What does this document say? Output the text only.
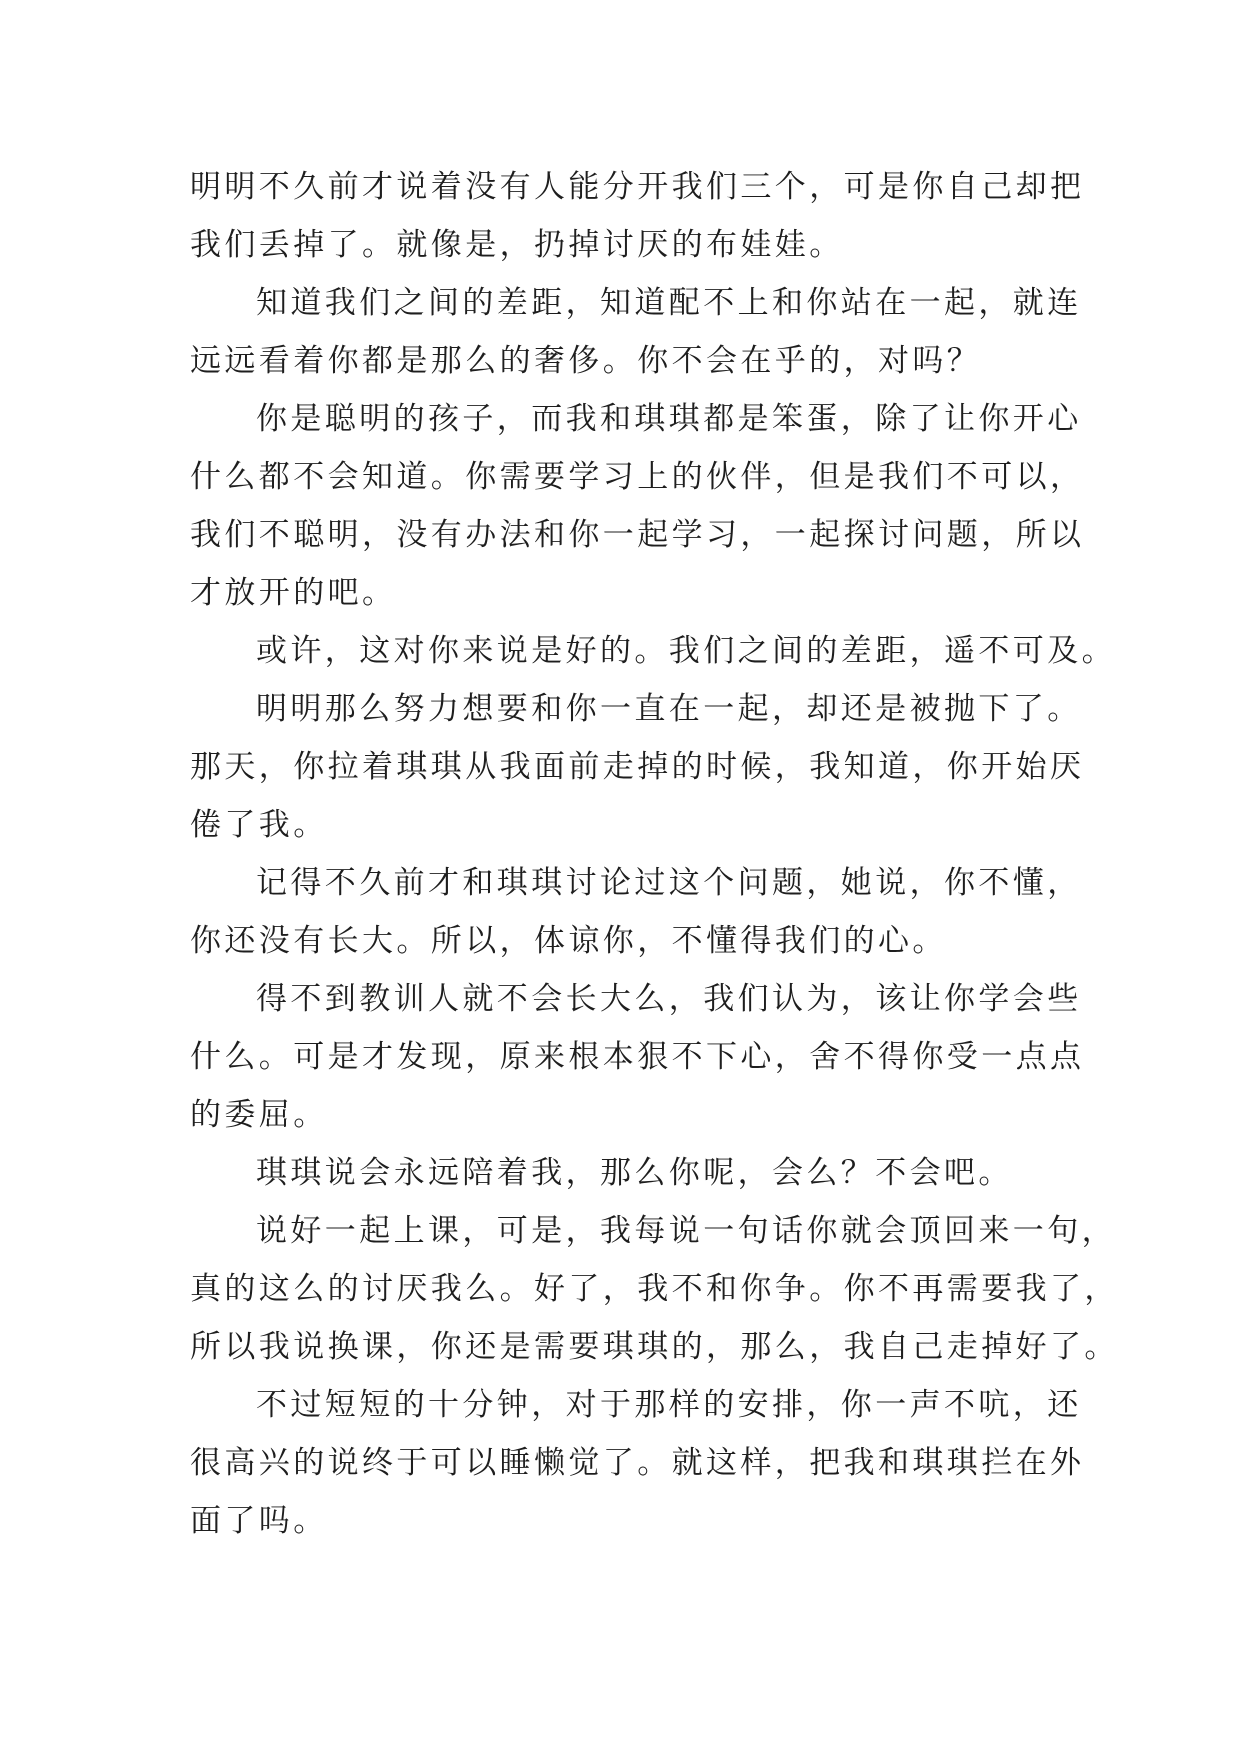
明明不久前才说着没有人能分开我们三个，可是你自己却把
我们丢掉了。就像是，扔掉讨厌的布娃娃。
知道我们之间的差距，知道配不上和你站在一起，就连
远远看着你都是那么的奢侈。你不会在乎的，对吗？
你是聪明的孩子，而我和琪琪都是笨蛋，除了让你开心
什么都不会知道。你需要学习上的伙伴，但是我们不可以，
我们不聪明，没有办法和你一起学习，一起探讨问题，所以
才放开的吧。
或许，这对你来说是好的。我们之间的差距，遥不可及。
明明那么努力想要和你一直在一起，却还是被抛下了。
那天，你拉着琪琪从我面前走掉的时候，我知道，你开始厌
倦了我。
记得不久前才和琪琪讨论过这个问题，她说，你不懂，
你还没有长大。所以，体谅你，不懂得我们的心。
得不到教训人就不会长大么，我们认为，该让你学会些
什么。可是才发现，原来根本狠不下心，舍不得你受一点点
的委屈。
琪琪说会永远陪着我，那么你呢，会么？不会吧。
说好一起上课，可是，我每说一句话你就会顶回来一句，
真的这么的讨厌我么。好了，我不和你争。你不再需要我了，
所以我说换课，你还是需要琪琪的，那么，我自己走掉好了。
不过短短的十分钟，对于那样的安排，你一声不吭，还
很高兴的说终于可以睡懒觉了。就这样，把我和琪琪拦在外
面了吗。
